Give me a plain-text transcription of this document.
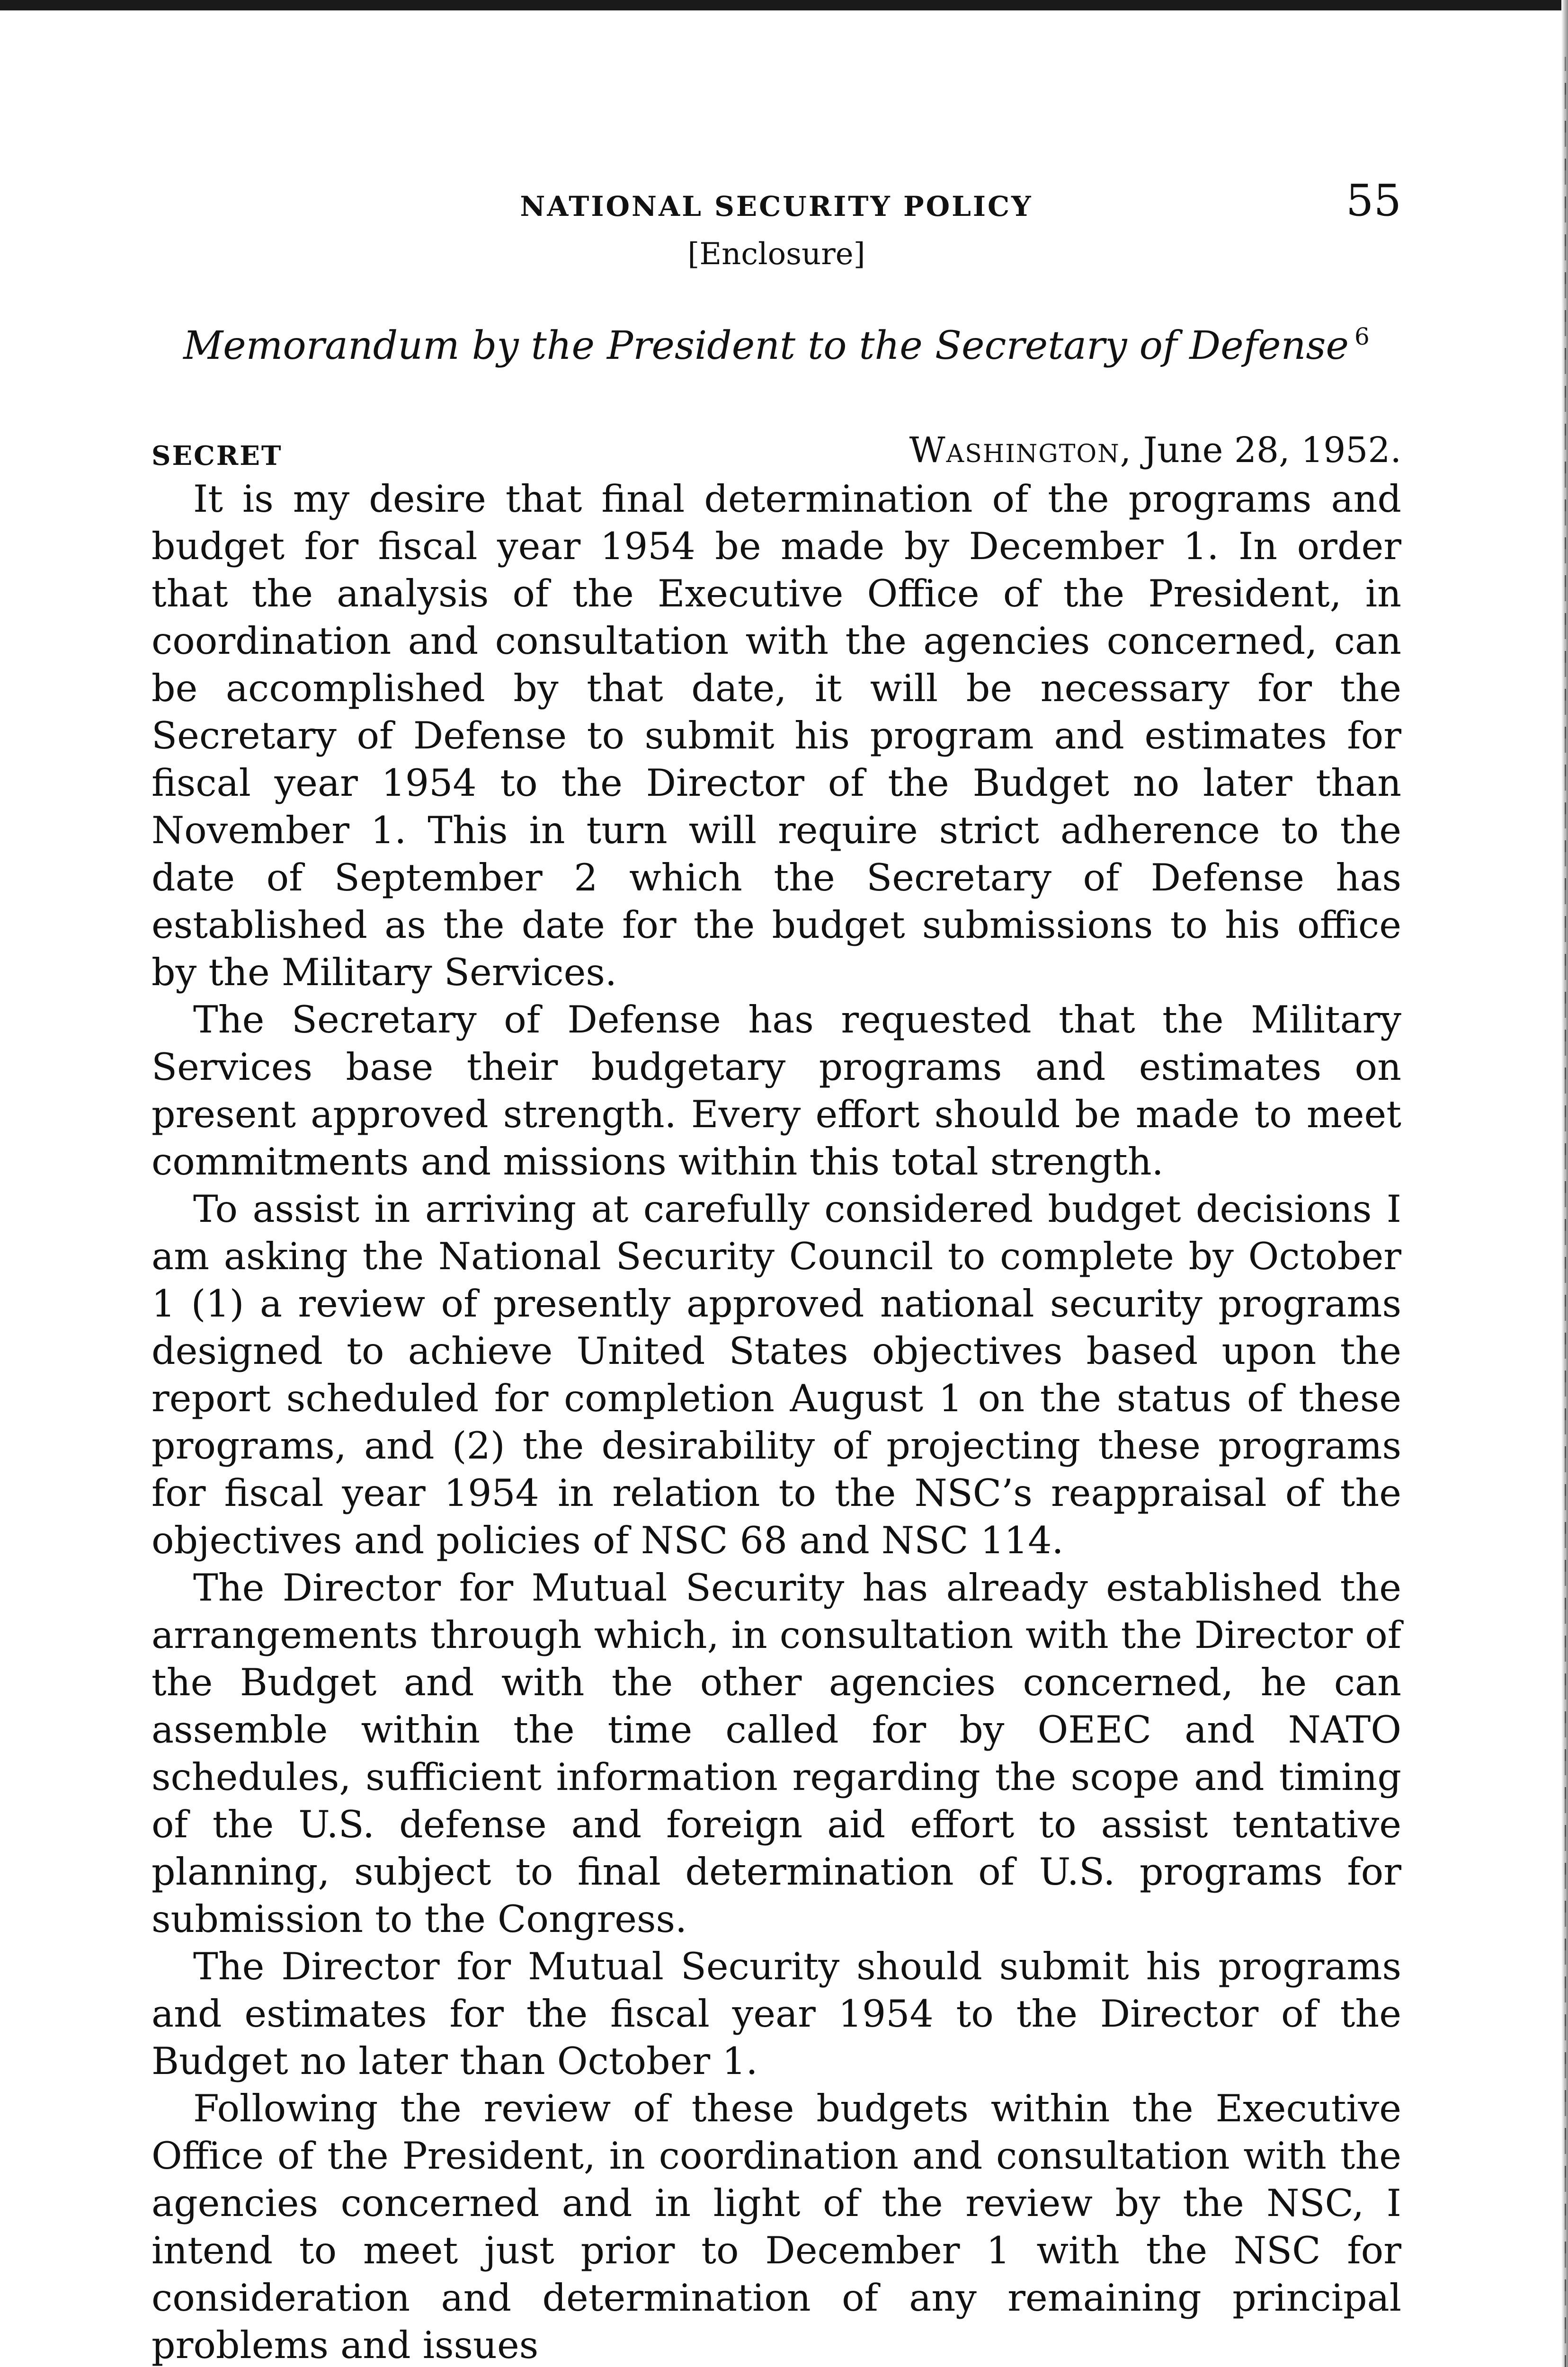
NATIONAL SECURITY POLICY	55
[Enclosure]
Memorandum by the President to the Secretary of Defense $^6$
SECRET	Washington, June 28, 1952.

It is my desire that final determination of the programs and budget for fiscal year 1954 be made by December 1. In order that the analysis of the Executive Office of the President, in coordination and consultation with the agencies concerned, can be accomplished by that date, it will be necessary for the Secretary of Defense to submit his program and estimates for fiscal year 1954 to the Director of the Budget no later than November 1. This in turn will require strict adherence to the date of September 2 which the Secretary of Defense has established as the date for the budget submissions to his office by the Military Services.

The Secretary of Defense has requested that the Military Services base their budgetary programs and estimates on present approved strength. Every effort should be made to meet commitments and missions within this total strength.

To assist in arriving at carefully considered budget decisions I am asking the National Security Council to complete by October 1 (1) a review of presently approved national security programs designed to achieve United States objectives based upon the report scheduled for completion August 1 on the status of these programs, and (2) the desirability of projecting these programs for fiscal year 1954 in relation to the NSC’s reappraisal of the objectives and policies of NSC 68 and NSC 114.

The Director for Mutual Security has already established the arrangements through which, in consultation with the Director of the Budget and with the other agencies concerned, he can assemble within the time called for by OEEC and NATO schedules, sufficient information regarding the scope and timing of the U.S. defense and foreign aid effort to assist tentative planning, subject to final determination of U.S. programs for submission to the Congress.

The Director for Mutual Security should submit his programs and estimates for the fiscal year 1954 to the Director of the Budget no later than October 1.

Following the review of these budgets within the Executive Office of the President, in coordination and consultation with the agencies concerned and in light of the review by the NSC, I intend to meet just prior to December 1 with the NSC for consideration and determination of any remaining principal problems and issues
